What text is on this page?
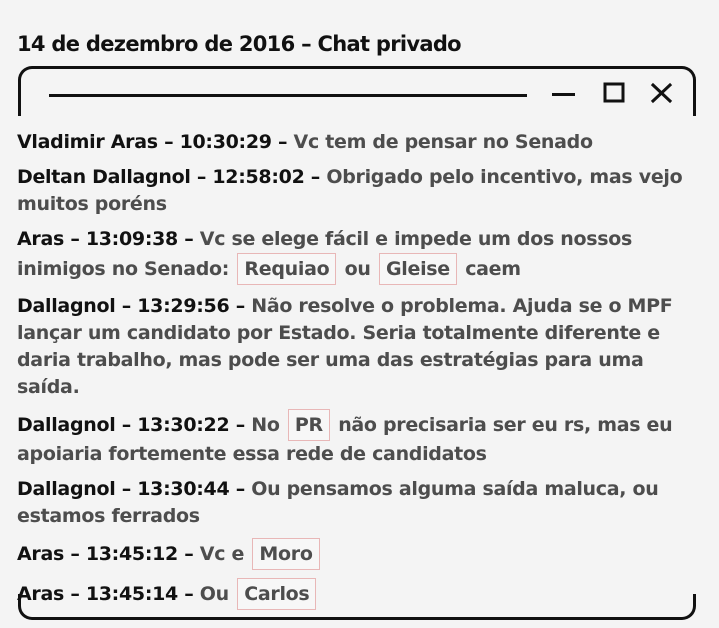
14 de dezembro de 2016 – Chat privado
Vladimir Aras – 10:30:29 – Vc tem de pensar no Senado
Deltan Dallagnol – 12:58:02 – Obrigado pelo incentivo, mas vejo muitos poréns
Aras – 13:09:38 – Vc se elege fácil e impede um dos nossos inimigos no Senado: Requiao ou Gleise caem
Dallagnol – 13:29:56 – Não resolve o problema. Ajuda se o MPF lançar um candidato por Estado. Seria totalmente diferente e daria trabalho, mas pode ser uma das estratégias para uma saída.
Dallagnol – 13:30:22 – No PR não precisaria ser eu rs, mas eu apoiaria fortemente essa rede de candidatos
Dallagnol – 13:30:44 – Ou pensamos alguma saída maluca, ou estamos ferrados
Aras – 13:45:12 – Vc e Moro
Aras – 13:45:14 – Ou Carlos
